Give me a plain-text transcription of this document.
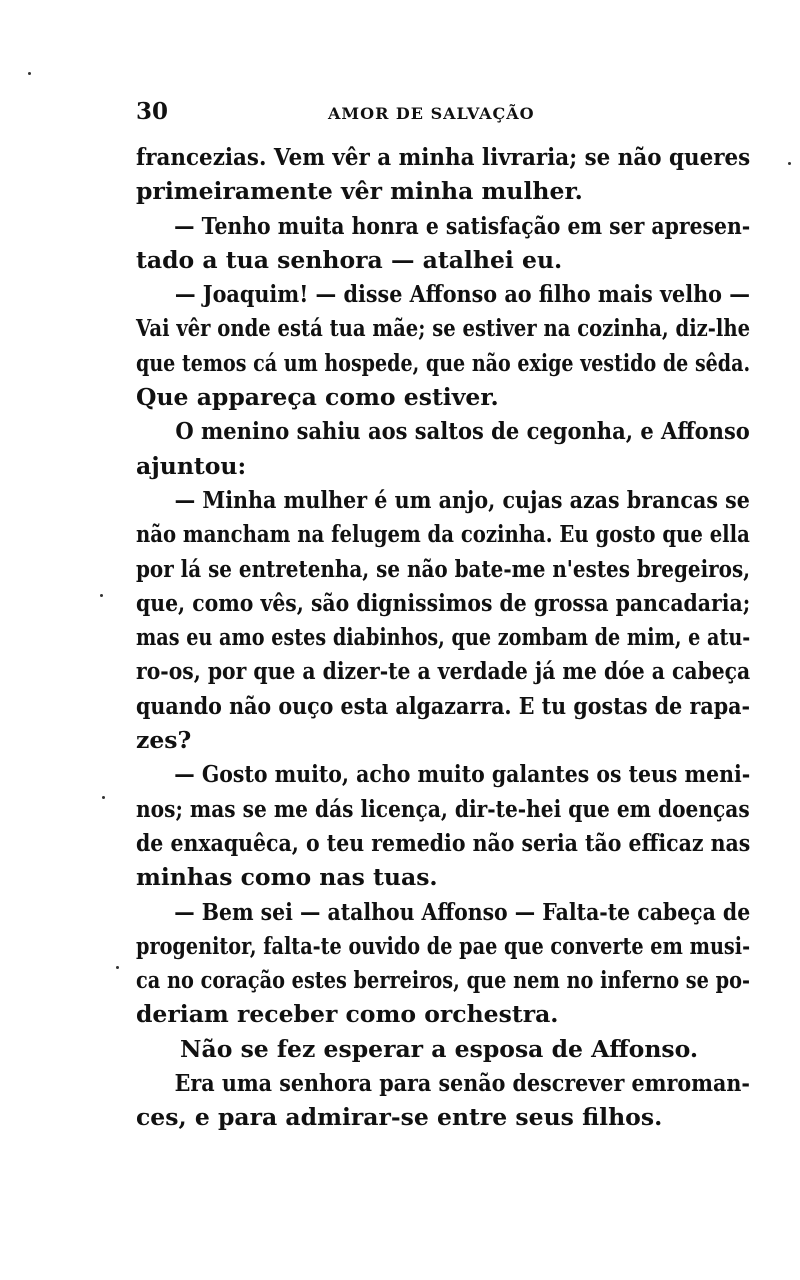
30	AMOR DE SALVAÇÃO
francezias. Vem vêr a minha livraria; se não queres
primeiramente vêr minha mulher.
— Tenho muita honra e satisfação em ser apresen-
tado a tua senhora — atalhei eu.
— Joaquim! — disse Affonso ao filho mais velho —
Vai vêr onde está tua mãe; se estiver na cozinha, diz-lhe
que temos cá um hospede, que não exige vestido de sêda.
Que appareça como estiver.
O menino sahiu aos saltos de cegonha, e Affonso
ajuntou:
— Minha mulher é um anjo, cujas azas brancas se
não mancham na felugem da cozinha. Eu gosto que ella
por lá se entretenha, se não bate-me n'estes bregeiros,
que, como vês, são dignissimos de grossa pancadaria;
mas eu amo estes diabinhos, que zombam de mim, e atu-
ro-os, por que a dizer-te a verdade já me dóe a cabeça
quando não ouço esta algazarra. E tu gostas de rapa-
zes?
— Gosto muito, acho muito galantes os teus meni-
nos; mas se me dás licença, dir-te-hei que em doenças
de enxaquêca, o teu remedio não seria tão efficaz nas
minhas como nas tuas.
— Bem sei — atalhou Affonso — Falta-te cabeça de
progenitor, falta-te ouvido de pae que converte em musi-
ca no coração estes berreiros, que nem no inferno se po-
deriam receber como orchestra.
Não se fez esperar a esposa de Affonso.
Era uma senhora para senão descrever emroman-
ces, e para admirar-se entre seus filhos.
